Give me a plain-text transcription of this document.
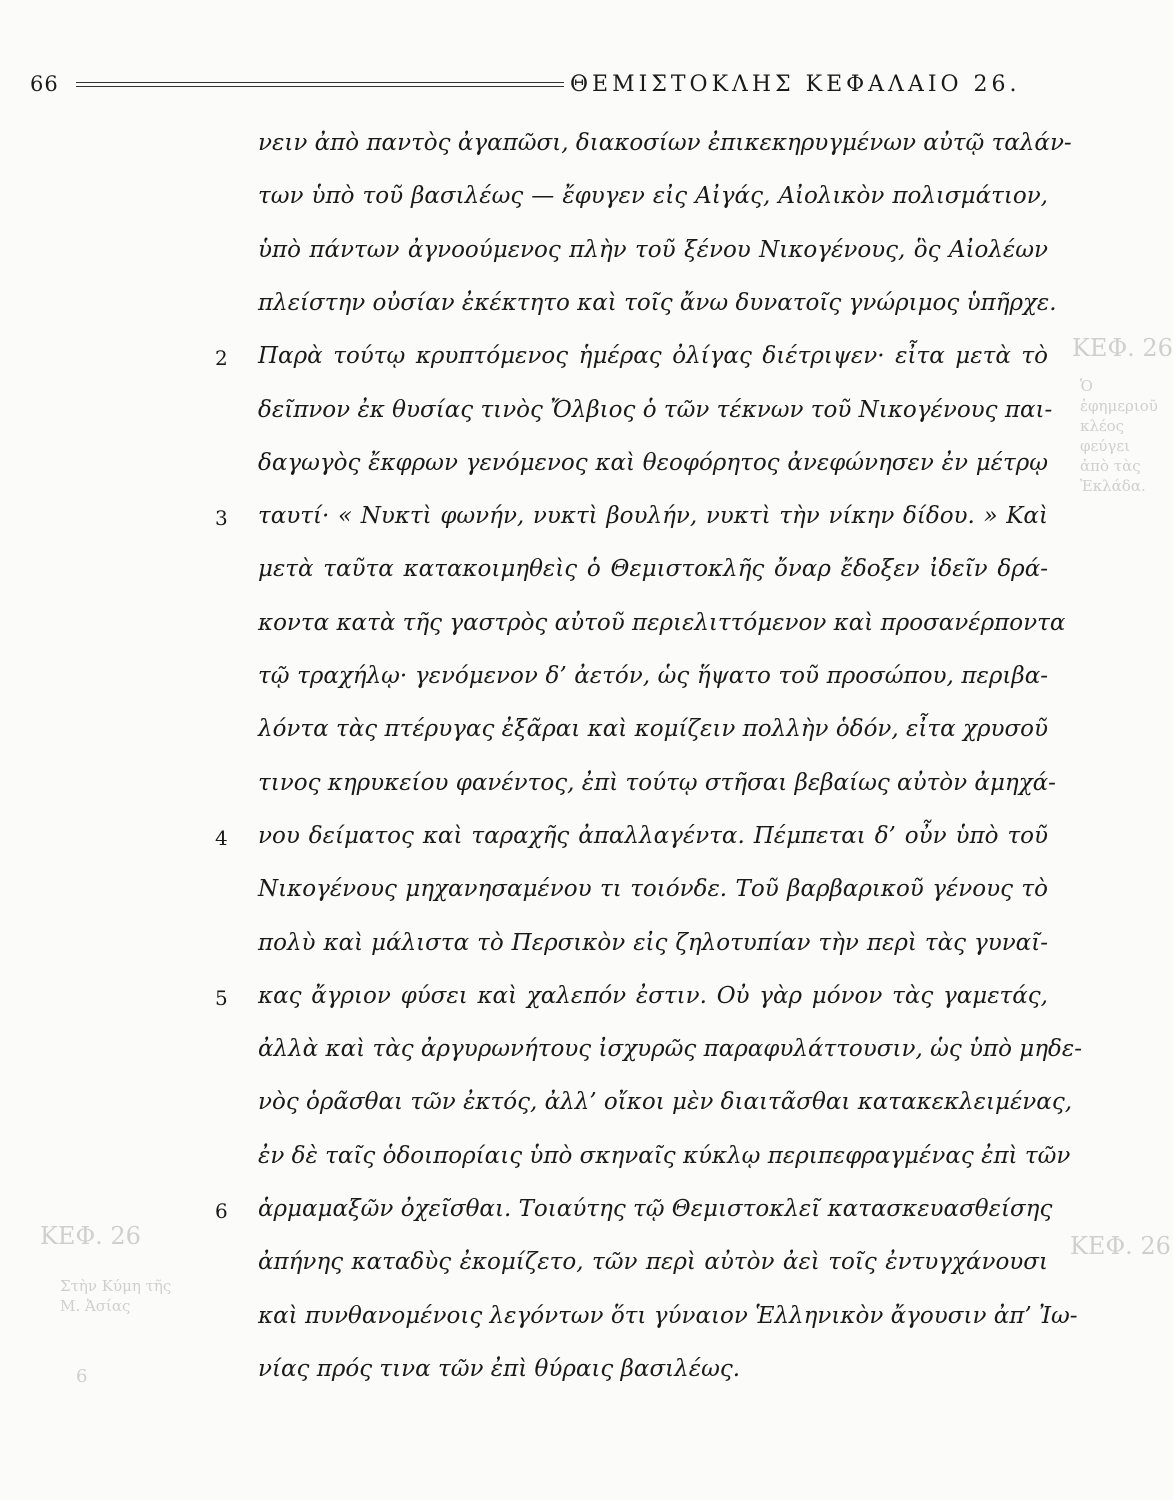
66	ΘΕΜΙΣΤΟΚΛΗΣ ΚΕΦΑΛΑΙΟ 26.
ΚΕΦ. 26
Ὁ ἐφημεριοῦ κλέος φεύγει ἀπὸ τὰς Ἐκλάδα.
ΚΕΦ. 26	ΚΕΦ. 26
Στὴν Κύμη τῆς Μ. Ἀσίας
6
νειν ἀπὸ παντὸς ἀγαπῶσι, διακοσίων ἐπικεκηρυγμένων αὐτῷ ταλάν-
των ὑπὸ τοῦ βασιλέως — ἔφυγεν εἰς Αἰγάς, Αἰολικὸν πολισμάτιον,
ὑπὸ πάντων ἀγνοούμενος πλὴν τοῦ ξένου Νικογένους, ὃς Αἰολέων
πλείστην οὐσίαν ἐκέκτητο καὶ τοῖς ἄνω δυνατοῖς γνώριμος ὑπῆρχε.
Παρὰ τούτῳ κρυπτόμενος ἡμέρας ὀλίγας διέτριψεν· εἶτα μετὰ τὸ
2
δεῖπνον ἐκ θυσίας τινὸς Ὄλβιος ὁ τῶν τέκνων τοῦ Νικογένους παι-
δαγωγὸς ἔκφρων γενόμενος καὶ θεοφόρητος ἀνεφώνησεν ἐν μέτρῳ
ταυτί· « Νυκτὶ φωνήν, νυκτὶ βουλήν, νυκτὶ τὴν νίκην δίδου. » Καὶ
3
μετὰ ταῦτα κατακοιμηθεὶς ὁ Θεμιστοκλῆς ὄναρ ἔδοξεν ἰδεῖν δρά-
κοντα κατὰ τῆς γαστρὸς αὐτοῦ περιελιττόμενον καὶ προσανέρποντα
τῷ τραχήλῳ· γενόμενον δ’ ἀετόν, ὡς ἥψατο τοῦ προσώπου, περιβα-
λόντα τὰς πτέρυγας ἐξᾶραι καὶ κομίζειν πολλὴν ὁδόν, εἶτα χρυσοῦ
τινος κηρυκείου φανέντος, ἐπὶ τούτῳ στῆσαι βεβαίως αὐτὸν ἀμηχά-
νου δείματος καὶ ταραχῆς ἀπαλλαγέντα. Πέμπεται δ’ οὖν ὑπὸ τοῦ
4
Νικογένους μηχανησαμένου τι τοιόνδε. Τοῦ βαρβαρικοῦ γένους τὸ
πολὺ καὶ μάλιστα τὸ Περσικὸν εἰς ζηλοτυπίαν τὴν περὶ τὰς γυναῖ-
κας ἄγριον φύσει καὶ χαλεπόν ἐστιν. Οὐ γὰρ μόνον τὰς γαμετάς,
5
ἀλλὰ καὶ τὰς ἀργυρωνήτους ἰσχυρῶς παραφυλάττουσιν, ὡς ὑπὸ μηδε-
νὸς ὁρᾶσθαι τῶν ἐκτός, ἀλλ’ οἴκοι μὲν διαιτᾶσθαι κατακεκλειμένας,
ἐν δὲ ταῖς ὁδοιπορίαις ὑπὸ σκηναῖς κύκλῳ περιπεφραγμένας ἐπὶ τῶν
ἁρμαμαξῶν ὀχεῖσθαι. Τοιαύτης τῷ Θεμιστοκλεῖ κατασκευασθείσης
6
ἀπήνης καταδὺς ἐκομίζετο, τῶν περὶ αὐτὸν ἀεὶ τοῖς ἐντυγχάνουσι
καὶ πυνθανομένοις λεγόντων ὅτι γύναιον Ἑλληνικὸν ἄγουσιν ἀπ’ Ἰω-
νίας πρός τινα τῶν ἐπὶ θύραις βασιλέως.
